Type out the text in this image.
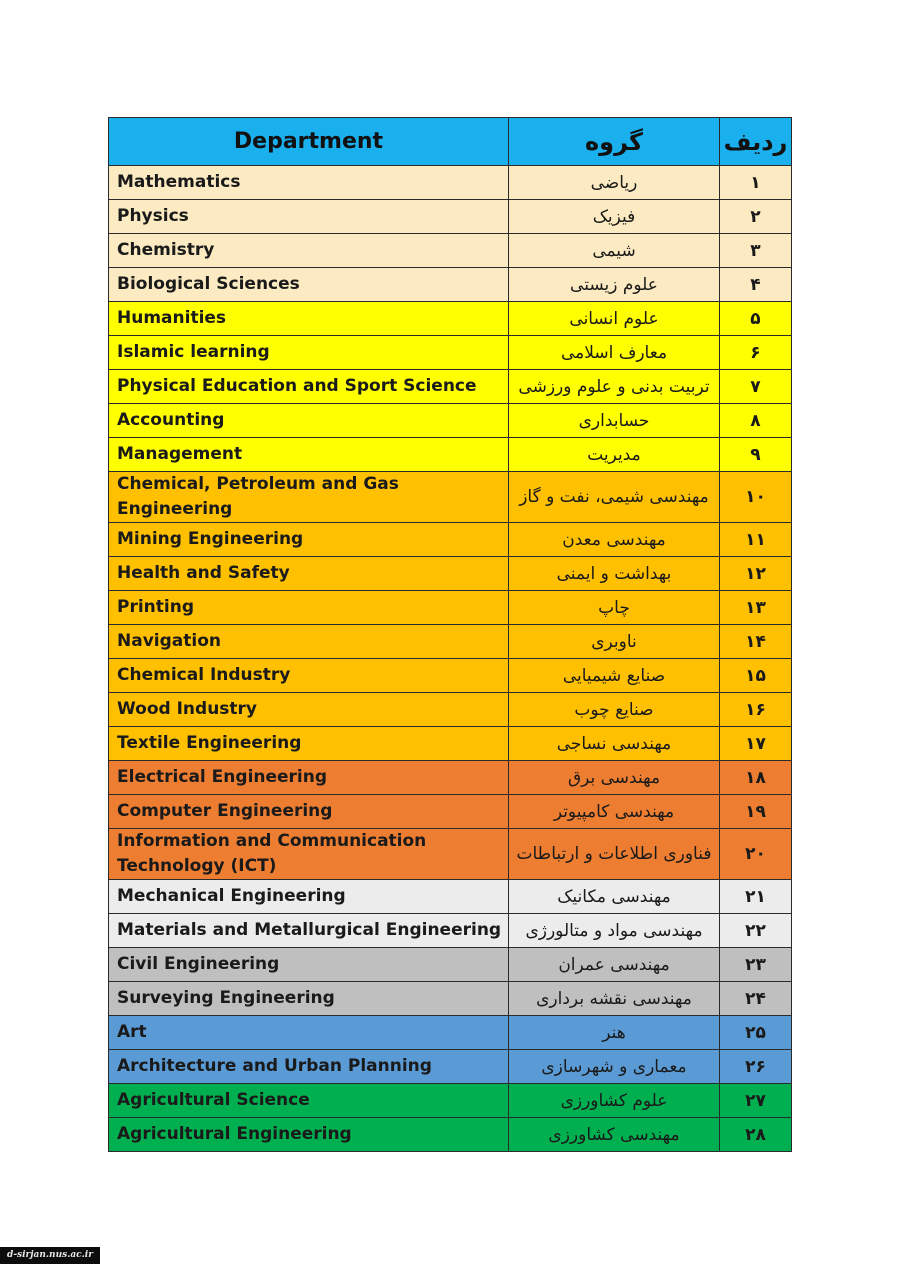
Department	گروه	ردیف
Mathematics	ریاضی	۱
Physics	فیزیک	۲
Chemistry	شیمی	۳
Biological Sciences	علوم زیستی	۴
Humanities	علوم انسانی	۵
Islamic learning	معارف اسلامی	۶
Physical Education and Sport Science	تربیت بدنی و علوم ورزشی	۷
Accounting	حسابداری	۸
Management	مدیریت	۹
Chemical, Petroleum and Gas Engineering	مهندسی شیمی، نفت و گاز	۱۰
Mining Engineering	مهندسی معدن	۱۱
Health and Safety	بهداشت و ایمنی	۱۲
Printing	چاپ	۱۳
Navigation	ناوبری	۱۴
Chemical Industry	صنایع شیمیایی	۱۵
Wood Industry	صنایع چوب	۱۶
Textile Engineering	مهندسی نساجی	۱۷
Electrical Engineering	مهندسی برق	۱۸
Computer Engineering	مهندسی کامپیوتر	۱۹
Information and Communication Technology (ICT)	فناوری اطلاعات و ارتباطات	۲۰
Mechanical Engineering	مهندسی مکانیک	۲۱
Materials and Metallurgical Engineering	مهندسی مواد و متالورژی	۲۲
Civil Engineering	مهندسی عمران	۲۳
Surveying Engineering	مهندسی نقشه برداری	۲۴
Art	هنر	۲۵
Architecture and Urban Planning	معماری و شهرسازی	۲۶
Agricultural Science	علوم کشاورزی	۲۷
Agricultural Engineering	مهندسی کشاورزی	۲۸
d-sirjan.nus.ac.ir
